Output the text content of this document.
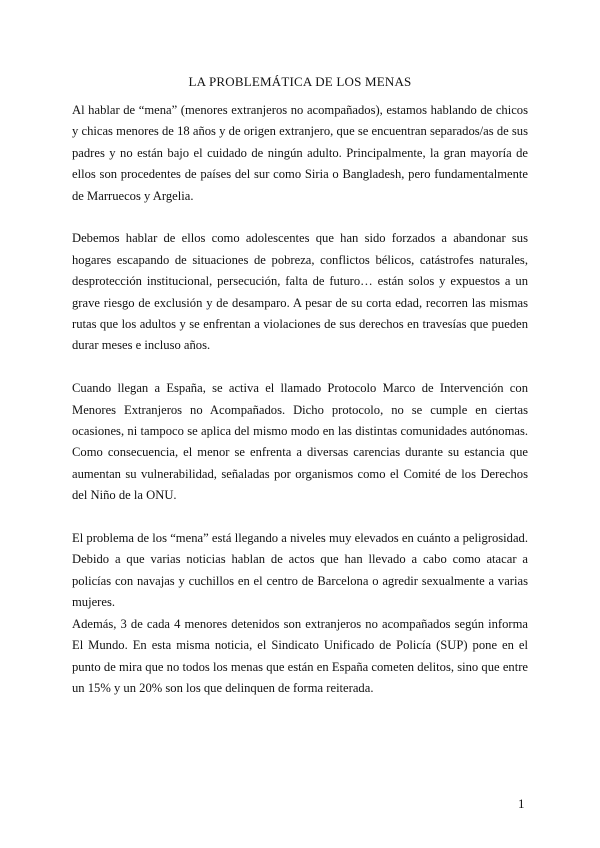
LA PROBLEMÁTICA DE LOS MENAS

Al hablar de “mena” (menores extranjeros no acompañados), estamos hablando de chicos y chicas menores de 18 años y de origen extranjero, que se encuentran separados/as de sus padres y no están bajo el cuidado de ningún adulto. Principalmente, la gran mayoría de ellos son procedentes de países del sur como Siria o Bangladesh, pero fundamentalmente de Marruecos y Argelia.

Debemos hablar de ellos como adolescentes que han sido forzados a abandonar sus hogares escapando de situaciones de pobreza, conflictos bélicos, catástrofes naturales, desprotección institucional, persecución, falta de futuro… están solos y expuestos a un grave riesgo de exclusión y de desamparo. A pesar de su corta edad, recorren las mismas rutas que los adultos y se enfrentan a violaciones de sus derechos en travesías que pueden durar meses e incluso años.

Cuando llegan a España, se activa el llamado Protocolo Marco de Intervención con Menores Extranjeros no Acompañados. Dicho protocolo, no se cumple en ciertas ocasiones, ni tampoco se aplica del mismo modo en las distintas comunidades autónomas. Como consecuencia, el menor se enfrenta a diversas carencias durante su estancia que aumentan su vulnerabilidad, señaladas por organismos como el Comité de los Derechos del Niño de la ONU.

El problema de los “mena” está llegando a niveles muy elevados en cuánto a peligrosidad. Debido a que varias noticias hablan de actos que han llevado a cabo como atacar a policías con navajas y cuchillos en el centro de Barcelona o agredir sexualmente a varias mujeres.

Además, 3 de cada 4 menores detenidos son extranjeros no acompañados según informa El Mundo. En esta misma noticia, el Sindicato Unificado de Policía (SUP) pone en el punto de mira que no todos los menas que están en España cometen delitos, sino que entre un 15% y un 20% son los que delinquen de forma reiterada.

1
